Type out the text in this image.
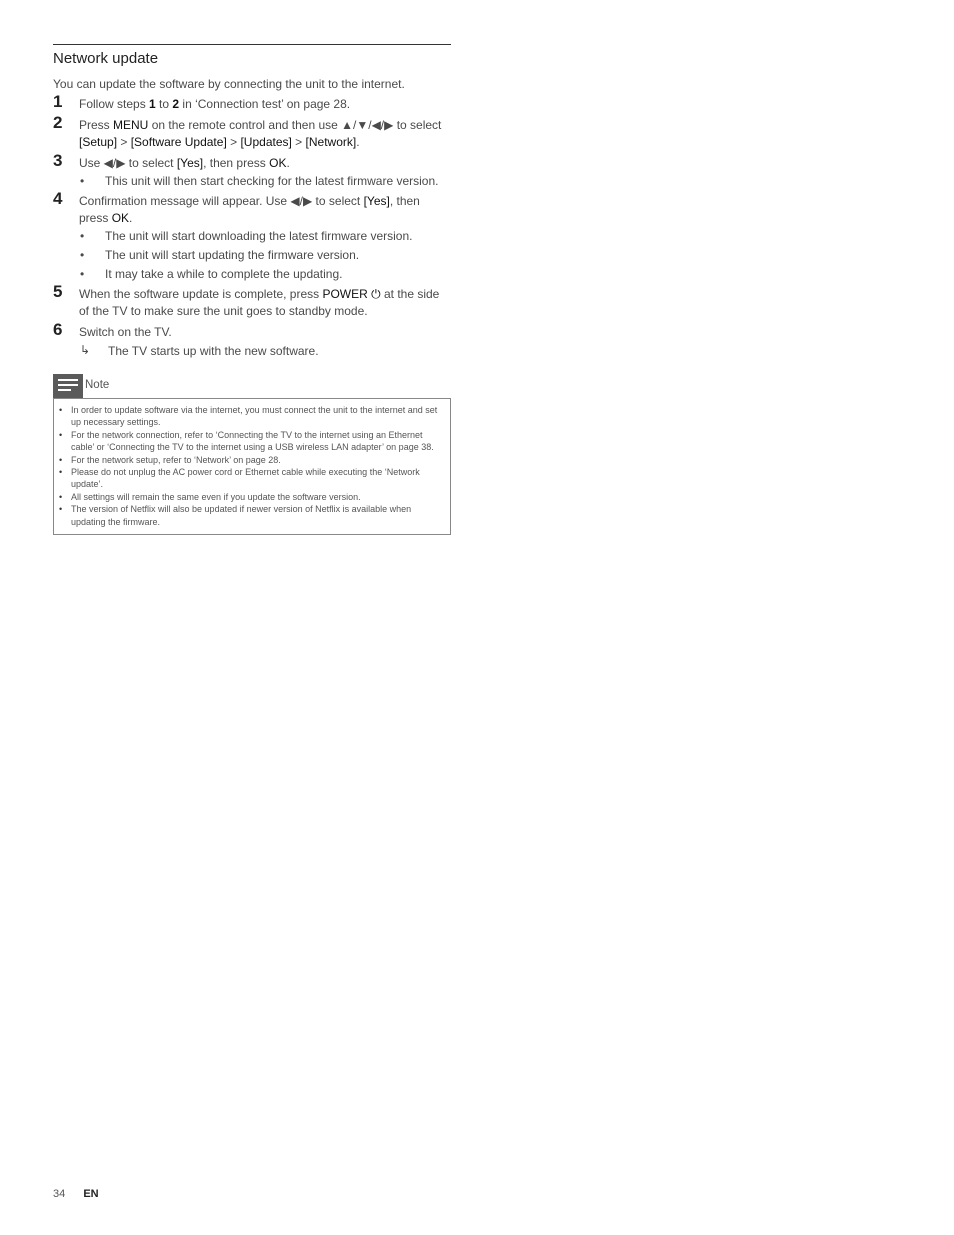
Network update
You can update the software by connecting the unit to the internet.
1 Follow steps 1 to 2 in ‘Connection test’ on page 28.
2 Press MENU on the remote control and then use ▲/▼/◀/▶ to select [Setup] > [Software Update] > [Updates] > [Network].
3 Use ◀/▶ to select [Yes], then press OK.
• This unit will then start checking for the latest firmware version.
4 Confirmation message will appear. Use ◀/▶ to select [Yes], then press OK.
• The unit will start downloading the latest firmware version.
• The unit will start updating the firmware version.
• It may take a while to complete the updating.
5 When the software update is complete, press POWER ⏻ at the side of the TV to make sure the unit goes to standby mode.
6 Switch on the TV.
↳ The TV starts up with the new software.
Note
• In order to update software via the internet, you must connect the unit to the internet and set up necessary settings.
• For the network connection, refer to ‘Connecting the TV to the internet using an Ethernet cable’ or ‘Connecting the TV to the internet using a USB wireless LAN adapter’ on page 38.
• For the network setup, refer to ‘Network’ on page 28.
• Please do not unplug the AC power cord or Ethernet cable while executing the ‘Network update’.
• All settings will remain the same even if you update the software version.
• The version of Netflix will also be updated if newer version of Netflix is available when updating the firmware.
34 EN
